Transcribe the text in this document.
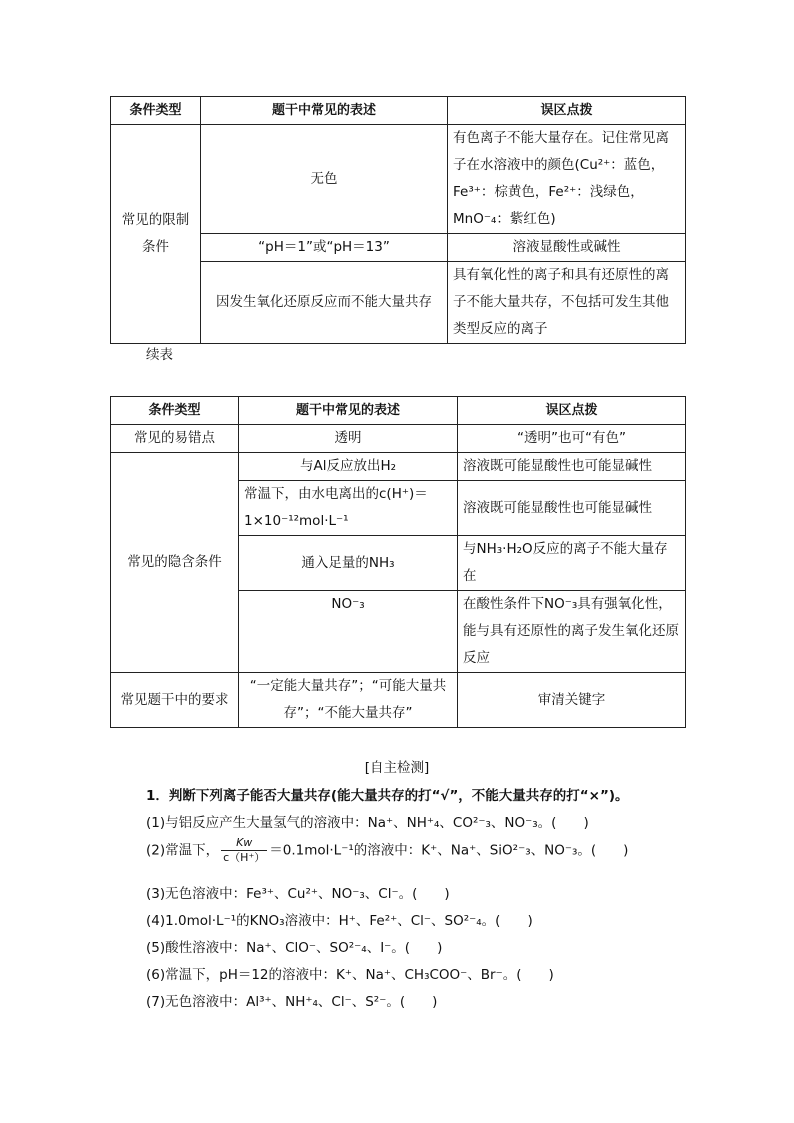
条件类型	题干中常见的表述	误区点拨
常见的限制条件	无色	有色离子不能大量存在。记住常见离子在水溶液中的颜色(Cu²⁺：蓝色，Fe³⁺：棕黄色，Fe²⁺：浅绿色，MnO⁻₄：紫红色)
	“pH＝1”或“pH＝13”	溶液显酸性或碱性
	因发生氧化还原反应而不能大量共存	具有氧化性的离子和具有还原性的离子不能大量共存，不包括可发生其他类型反应的离子
续表
条件类型	题干中常见的表述	误区点拨
常见的易错点	透明	“透明”也可“有色”
常见的隐含条件	与Al反应放出H₂	溶液既可能显酸性也可能显碱性
	常温下，由水电离出的c(H⁺)＝1×10⁻¹²mol·L⁻¹	溶液既可能显酸性也可能显碱性
	通入足量的NH₃	与NH₃·H₂O反应的离子不能大量存在
	NO⁻₃	在酸性条件下NO⁻₃具有强氧化性，能与具有还原性的离子发生氧化还原反应
常见题干中的要求	“一定能大量共存”；“可能大量共存”；“不能大量共存”	审清关键字
[自主检测]
1．判断下列离子能否大量共存(能大量共存的打“√”，不能大量共存的打“×”)。
(1)与铝反应产生大量氢气的溶液中：Na⁺、NH⁺₄、CO²⁻₃、NO⁻₃。(　　)
(2)常温下， $\frac{Kw}{c(H^+)} =0.1mol\cdot L^{-1}$的溶液中：K⁺、Na⁺、SiO²⁻₃、NO⁻₃。(　　)
(3)无色溶液中：Fe³⁺、Cu²⁺、NO⁻₃、Cl⁻。(　　)
(4)1.0mol·L⁻¹的KNO₃溶液中：H⁺、Fe²⁺、Cl⁻、SO²⁻₄。(　　)
(5)酸性溶液中：Na⁺、ClO⁻、SO²⁻₄、I⁻。(　　)
(6)常温下，pH＝12的溶液中：K⁺、Na⁺、CH₃COO⁻、Br⁻。(　　)
(7)无色溶液中：Al³⁺、NH⁺₄、Cl⁻、S²⁻。(　　)
